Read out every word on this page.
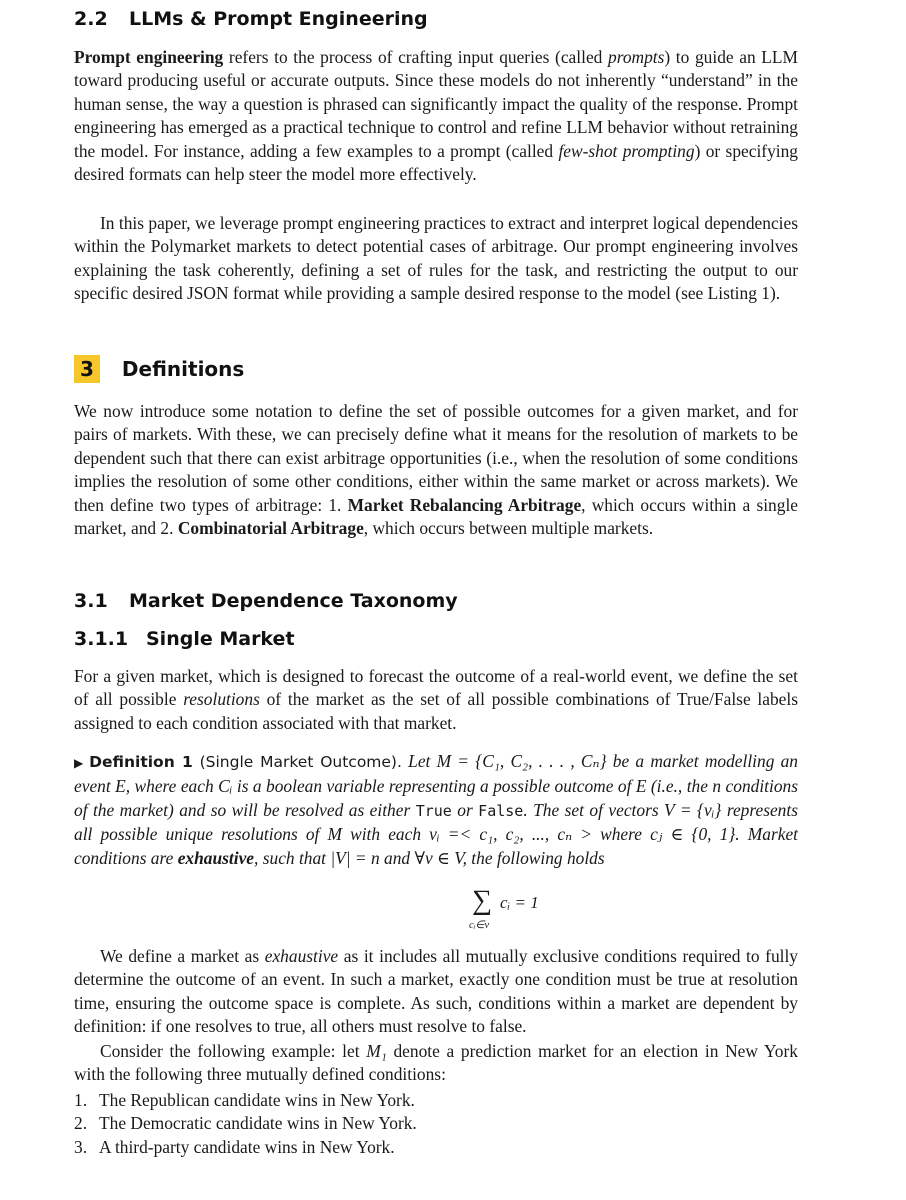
2.2 LLMs & Prompt Engineering

Prompt engineering refers to the process of crafting input queries (called prompts) to guide an LLM toward producing useful or accurate outputs. Since these models do not inherently “understand” in the human sense, the way a question is phrased can significantly impact the quality of the response. Prompt engineering has emerged as a practical technique to control and refine LLM behavior without retraining the model. For instance, adding a few examples to a prompt (called few-shot prompting) or specifying desired formats can help steer the model more effectively.

In this paper, we leverage prompt engineering practices to extract and interpret logical dependencies within the Polymarket markets to detect potential cases of arbitrage. Our prompt engineering involves explaining the task coherently, defining a set of rules for the task, and restricting the output to our specific desired JSON format while providing a sample desired response to the model (see Listing 1).

3 Definitions

We now introduce some notation to define the set of possible outcomes for a given market, and for pairs of markets. With these, we can precisely define what it means for the resolution of markets to be dependent such that there can exist arbitrage opportunities (i.e., when the resolution of some conditions implies the resolution of some other conditions, either within the same market or across markets). We then define two types of arbitrage: 1. Market Rebalancing Arbitrage, which occurs within a single market, and 2. Combinatorial Arbitrage, which occurs between multiple markets.

3.1 Market Dependence Taxonomy
3.1.1 Single Market

For a given market, which is designed to forecast the outcome of a real-world event, we define the set of all possible resolutions of the market as the set of all possible combinations of True/False labels assigned to each condition associated with that market.

▶ Definition 1 (Single Market Outcome). Let M = {C₁, C₂, . . . , Cₙ} be a market modelling an event E, where each Cᵢ is a boolean variable representing a possible outcome of E (i.e., the n conditions of the market) and so will be resolved as either True or False. The set of vectors V = {vᵢ} represents all possible unique resolutions of M with each vᵢ =< c₁, c₂, ..., cₙ > where cⱼ ∈ {0, 1}. Market conditions are exhaustive, such that |V| = n and ∀v ∈ V, the following holds

∑ cᵢ = 1
cᵢ∈v

We define a market as exhaustive as it includes all mutually exclusive conditions required to fully determine the outcome of an event. In such a market, exactly one condition must be true at resolution time, ensuring the outcome space is complete. As such, conditions within a market are dependent by definition: if one resolves to true, all others must resolve to false.

Consider the following example: let M₁ denote a prediction market for an election in New York with the following three mutually defined conditions:

1. The Republican candidate wins in New York.
2. The Democratic candidate wins in New York.
3. A third-party candidate wins in New York.
